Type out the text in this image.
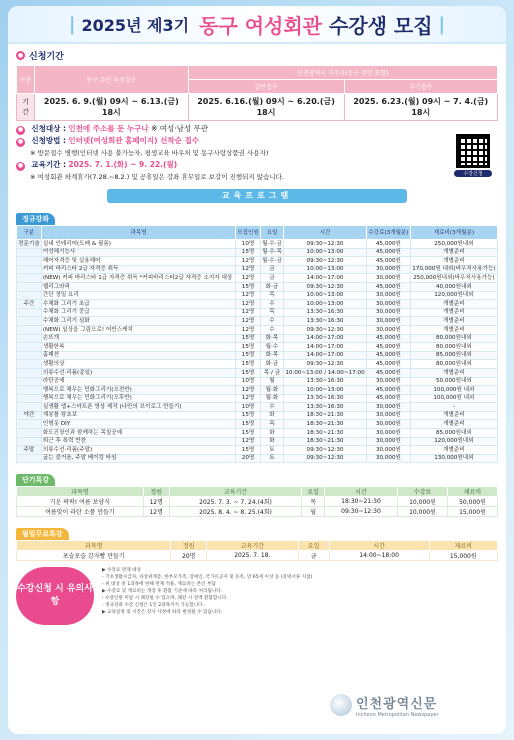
| 2025년 제3기 동구 여성회관 수강생 모집 |
● 신청기간
구분	동구 주민 우선접수	인천광역시 거주자(동구 주민 포함)	
		일반접수	추가접수
기간	2025. 6. 9.(월) 09시 ~ 6.13.(금) 18시	2025. 6.16.(월) 09시 ~ 6.20.(금) 18시	2025. 6.23.(월) 09시 ~ 7. 4.(금) 18시
● 신청대상 : 인천에 주소를 둔 누구나 ※ 여성·남성 무관
● 신청방법 : 인터넷(여성회관 홈페이지) 선착순 접수
※ 방문접수 병행(인터넷 사용 불가능자, 평생교육 바우처 및 동구사랑상품권 사용자)
● 교육기간 : 2025. 7. 1.(화) ~ 9. 22.(월)
※ 여성회관 하계휴가(7.28.~8.2.) 및 공휴일은 강좌 휴무일로 보강이 진행되지 않습니다.	수강신청
교육프로그램
정규강좌
구분	과목명	모집인원	요일	시간	수강료(3개월분)	재료비(3개월분)
전문기술	실내 인테리어(도배 & 필름)	10명	월·수·금	09:30~12:30	45,000원	250,000원내외
	여성헤기능사	15명	월·수·목	10:00~13:00	45,000원	개별준비
	헤어자격증 및 실용헤어	12명	월·수·금	09:30~12:30	45,000원	개별준비
	커피 바리스타 2급 자격증 취득	12명	금	10:00~13:00	30,000원	170,000원 내외(바우처사용가능)
	(NEW) 커피 바리스타 1급 자격증 취득 *커피바리스타2급 자격증 소지자 대상	12명	금	14:00~17:00	30,000원	250,000원내외(바우처사용가능)
	웹리그라픽	15명	화·금	09:30~12:30	45,000원	40,000원내외
	간단 정밀 요리	12명	목	10:00~13:00	30,000원	120,000원내외
주간	수채화 그리기 초급	12명	수	10:00~13:00	30,000원	개별준비
	수채화 그리기 중급	12명	목	13:30~16:30	30,000원	개별준비
	수채화 그리기 심화	12명	수	13:30~16:30	30,000원	개별준비
	(NEW) 일상을 그림으로! 어반스케치	12명	수	09:30~12:30	30,000원	개별준비
	손뜨개	15명	화·목	14:00~17:00	45,000원	80,000원내외
	생활한복	15명	월·수	14:00~17:00	45,000원	80,000원내외
	홈패션	15명	화·목	14:00~17:00	45,000원	85,000원내외
	생활의상	15명	화·금	09:30~12:30	45,000원	80,000원내외
	의류수선·리폼(종일)	15명	목 / 금	10:00~13:00 / 14:00~17:00	45,000원	개별준비
	라탄공예	10명	월	13:30~16:30	30,000원	50,000원내외
	행복으로 채우는 민화그리기(오전반)	12명	월·화	10:00~13:00	45,000원	100,000원 내외
	행복으로 채우는 민화그리기(오후반)	12명	월·화	13:30~16:30	45,000원	100,000원 내외
	실생활 앱+스마트폰 영상 제작 (나만의 브이로그 만들기)	10명	수	13:30~16:30	30,000원	-
야간	재봉틀 왕초보	15명	화	18:30~21:30	30,000원	개별준비
	인형옷 DIY	15명	목	18:30~21:30	30,000원	개별준비
	화도진장인과 함께하는 목칠공예	15명	화	18:30~21:30	30,000원	85,000원내외
	퇴근 후 폭력 반찬	12명	화	18:30~21:30	30,000원	120,000원내외
주말	의류수선·리폼(주말)	15명	토	09:30~12:30	30,000원	개별준비
	굽는 즐거움, 주말 베이킹 타임	20명	토	09:30~12:30	30,000원	130,000원내외
단기특강
과목명	정원	교육기간	요일	시간	수강료	재료비
기운 팍팍! 여름 보양식	12명	2025. 7. 3. ~ 7. 24.(4회)	목	18:30~21:30	10,000원	50,000원
여름맞이 라탄 소품 만들기	12명	2025. 8. 4. ~ 8. 25.(4회)	월	09:30~12:30	10,000원	15,000원
월일무료특강
과목명	정원	교육기간	요일	시간	재료비
포슬포슬 감자빵 만들기	20명	2025. 7. 18.	금	14:00~18:00	15,000원
수강신청 시 유의사항
▶ 수강료 면제 대상
- 기초생활수급자, 차상위계층, 한부모가족, 장애인, 국가유공자 및 유족, 만 65세 이상 등 (증빙서류 지참)
- 위 대상 중 1과목에 한해 면제 적용, 재료비는 본인 부담
▶ 수강료 및 재료비는 개강 후 환불 기준에 따라 처리됩니다.
- 수강인원 미달 시 폐강될 수 있으며, 폐강 시 전액 환불합니다.
- 정규강좌 수강 신청은 1인 2과목까지 가능합니다.
▶ 교육일정 및 시간은 강사 사정에 따라 변경될 수 있습니다.
인천광역신문
Incheon Metropolitan Newspaper
